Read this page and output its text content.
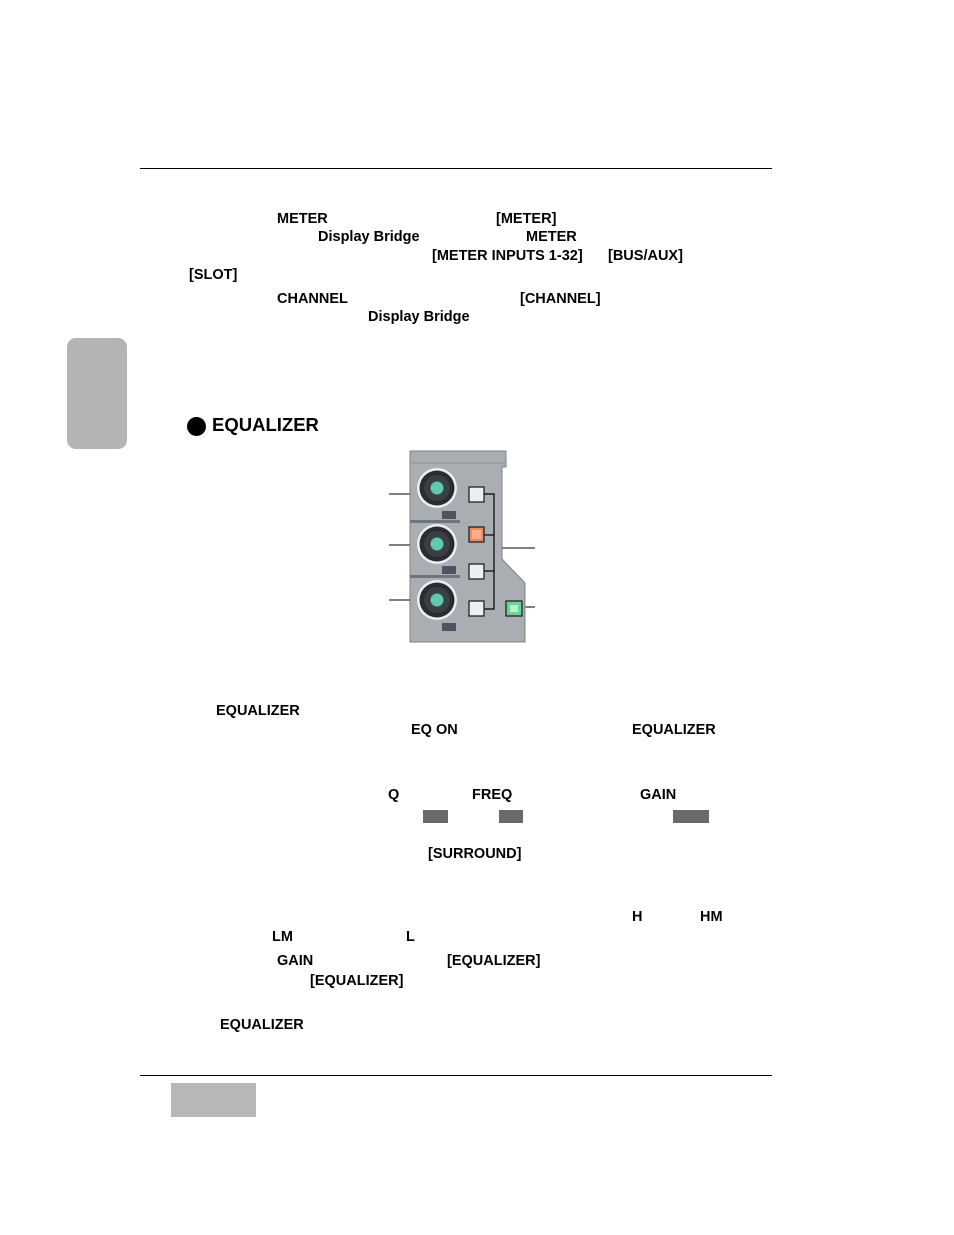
METER	[METER]
Display Bridge	METER
[METER INPUTS 1-32] [BUS/AUX]
[SLOT]
CHANNEL	[CHANNEL]
Display Bridge
EQUALIZER
EQUALIZER
EQ ON	EQUALIZER
Q	FREQ	GAIN
[SURROUND]
H	HM
LM	L
GAIN	[EQUALIZER]
[EQUALIZER]
EQUALIZER
